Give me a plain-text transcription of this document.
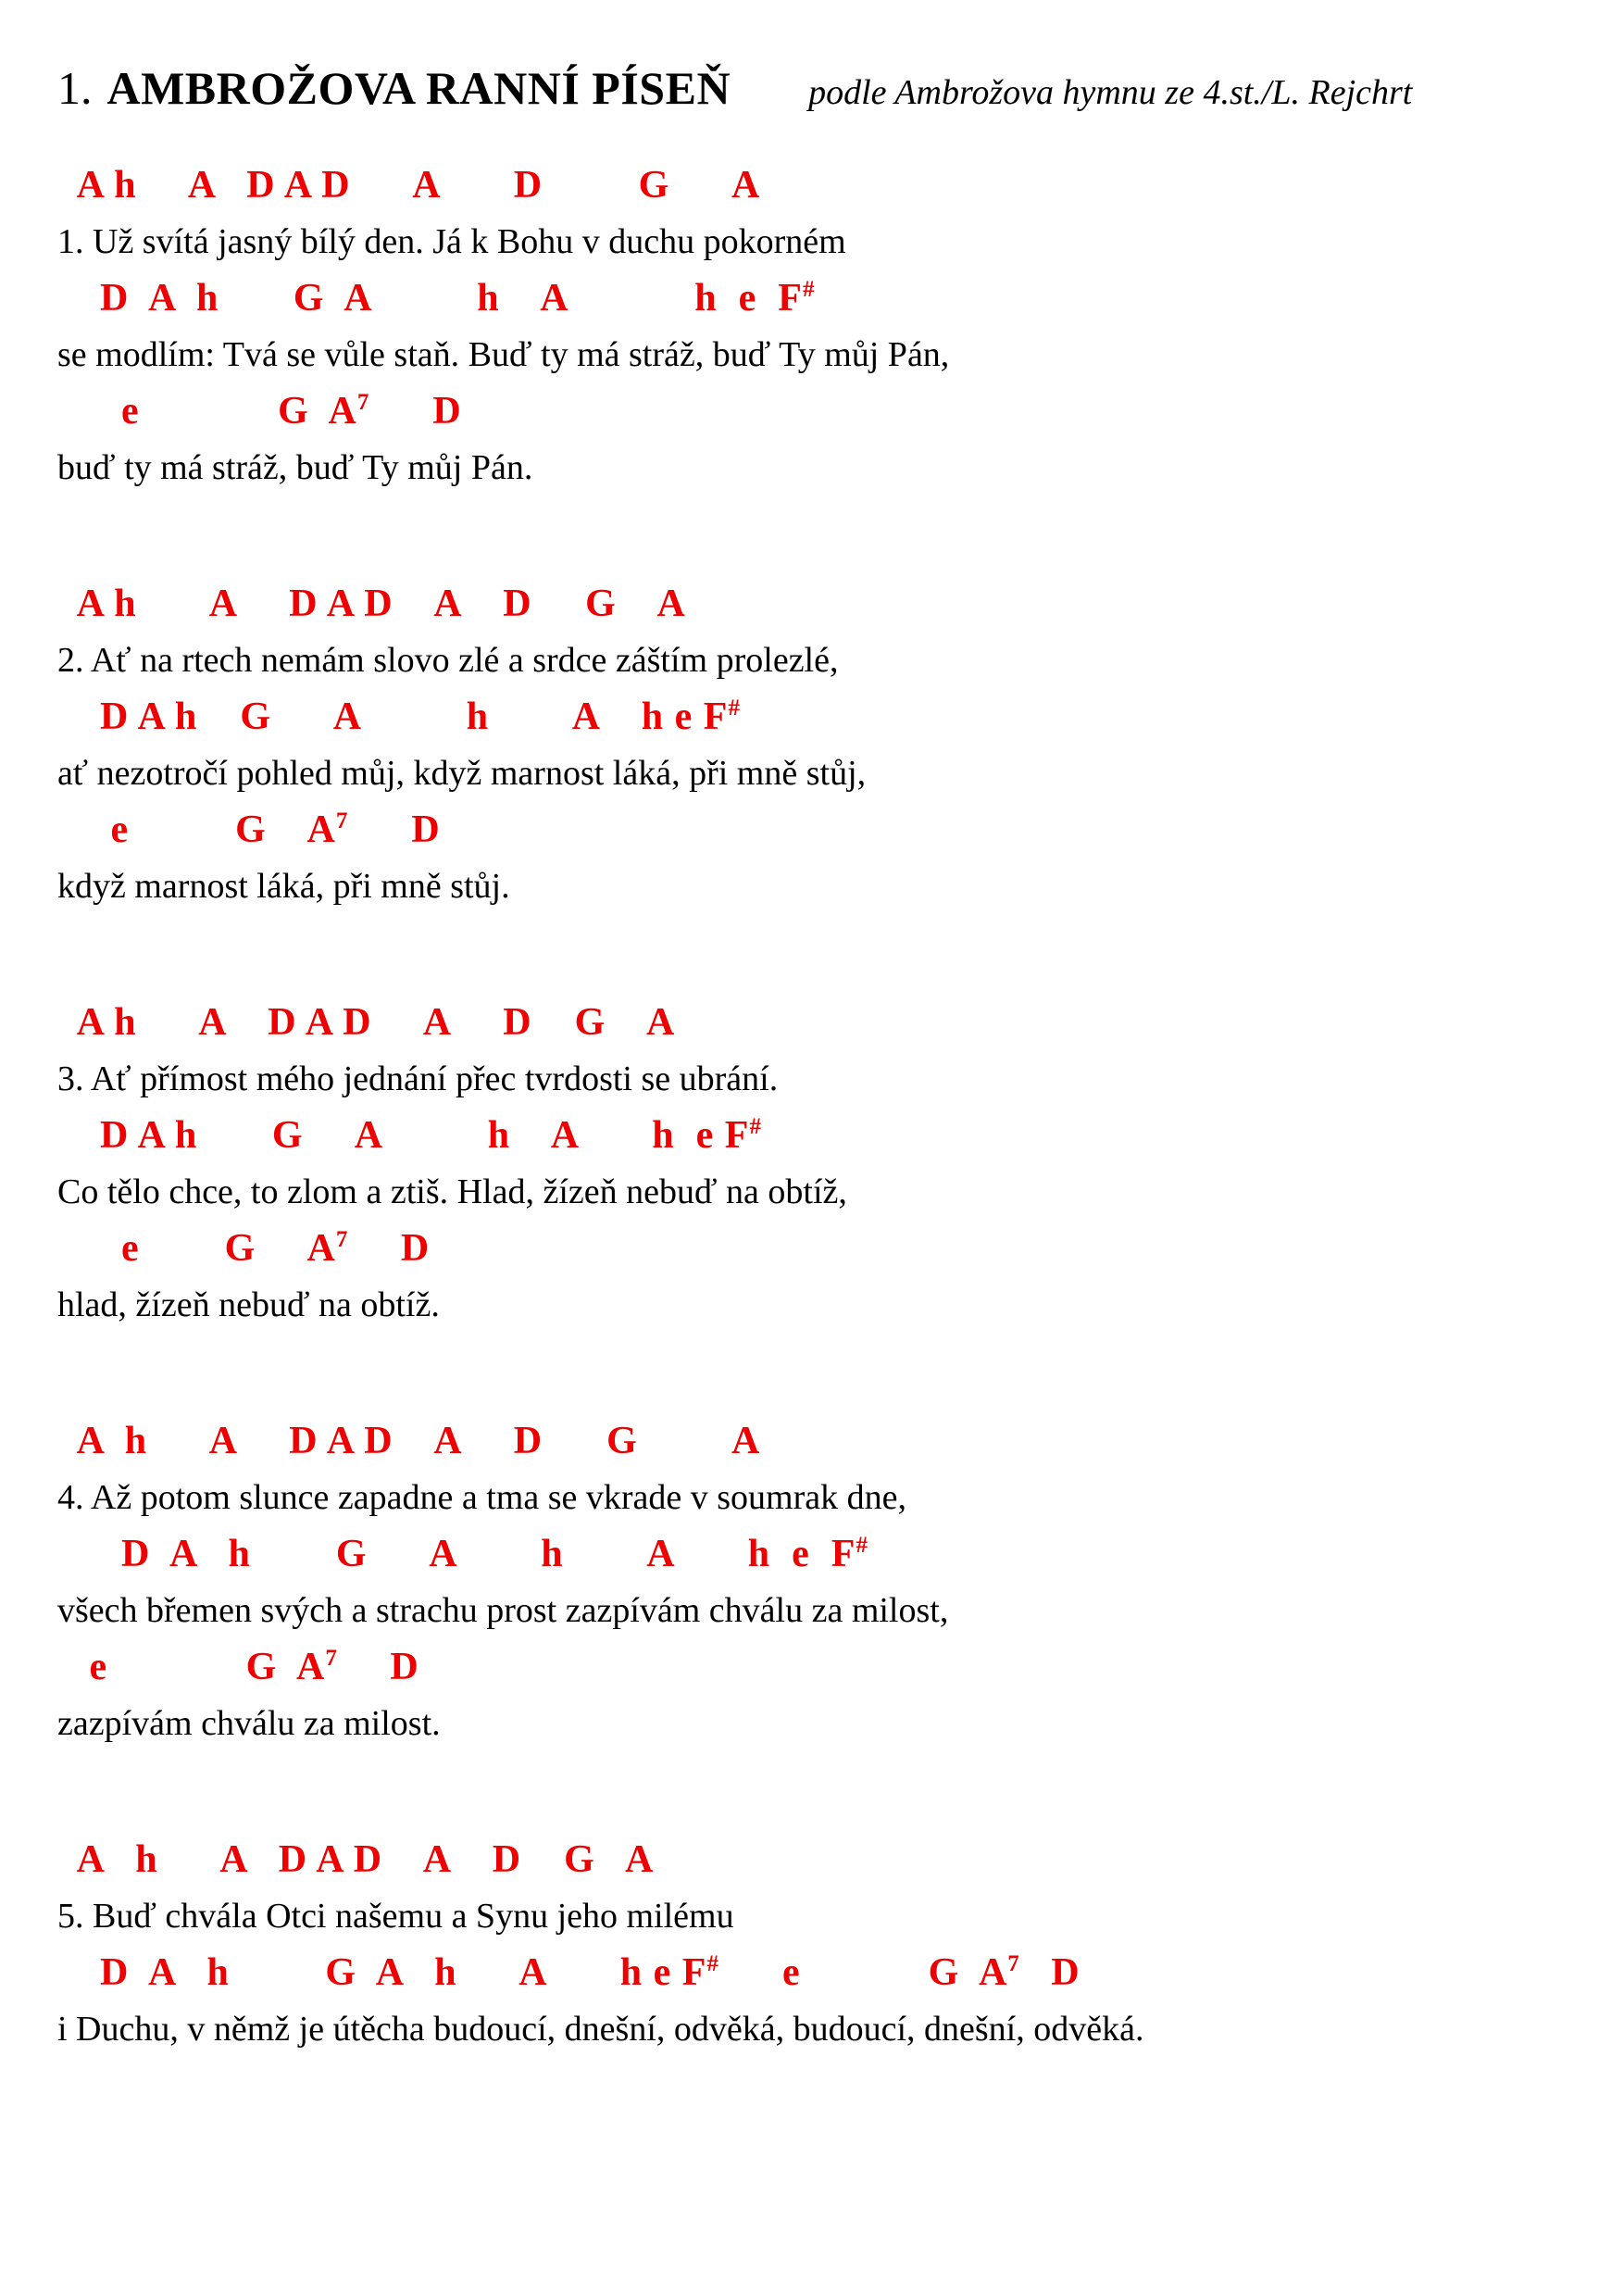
1. AMBROŽOVA RANNÍ PÍSEŇ podle Ambrožova hymnu ze 4.st./L. Rejchrt
A h     A   D A D      A       D         G      A
1. Už svítá jasný bílý den. Já k Bohu v duchu pokorném
D  A  h       G  A          h    A            h  e  F#
se modlím: Tvá se vůle staň. Buď ty má stráž, buď Ty můj Pán,
e             G  $A^7$      D
buď ty má stráž, buď Ty můj Pán.
A h       A     D A D    A    D     G    A
2. Ať na rtech nemám slovo zlé a srdce záštím prolezlé,
D A h    G      A          h        A    h e F#
ať nezotročí pohled můj, když marnost láká, při mně stůj,
e          G    $A^7$      D
když marnost láká, při mně stůj.
A h      A    D A D     A     D    G    A
3. Ať přímost mého jednání přec tvrdosti se ubrání.
D A h       G     A          h    A       h  e F#
Co tělo chce, to zlom a ztiš. Hlad, žízeň nebuď na obtíž,
e        G     $A^7$     D
hlad, žízeň nebuď na obtíž.
A  h      A     D A D    A     D      G         A
4. Až potom slunce zapadne a tma se vkrade v soumrak dne,
D  A   h        G      A        h        A       h  e  F#
všech břemen svých a strachu prost zazpívám chválu za milost,
e             G  $A^7$     D
zazpívám chválu za milost.
A   h      A   D A D    A    D    G   A
5. Buď chvála Otci našemu a Synu jeho milému
D  A   h         G  A   h      A       h e F#      e            G  $A^7$   D
i Duchu, v němž je útěcha budoucí, dnešní, odvěká, budoucí, dnešní, odvěká.
